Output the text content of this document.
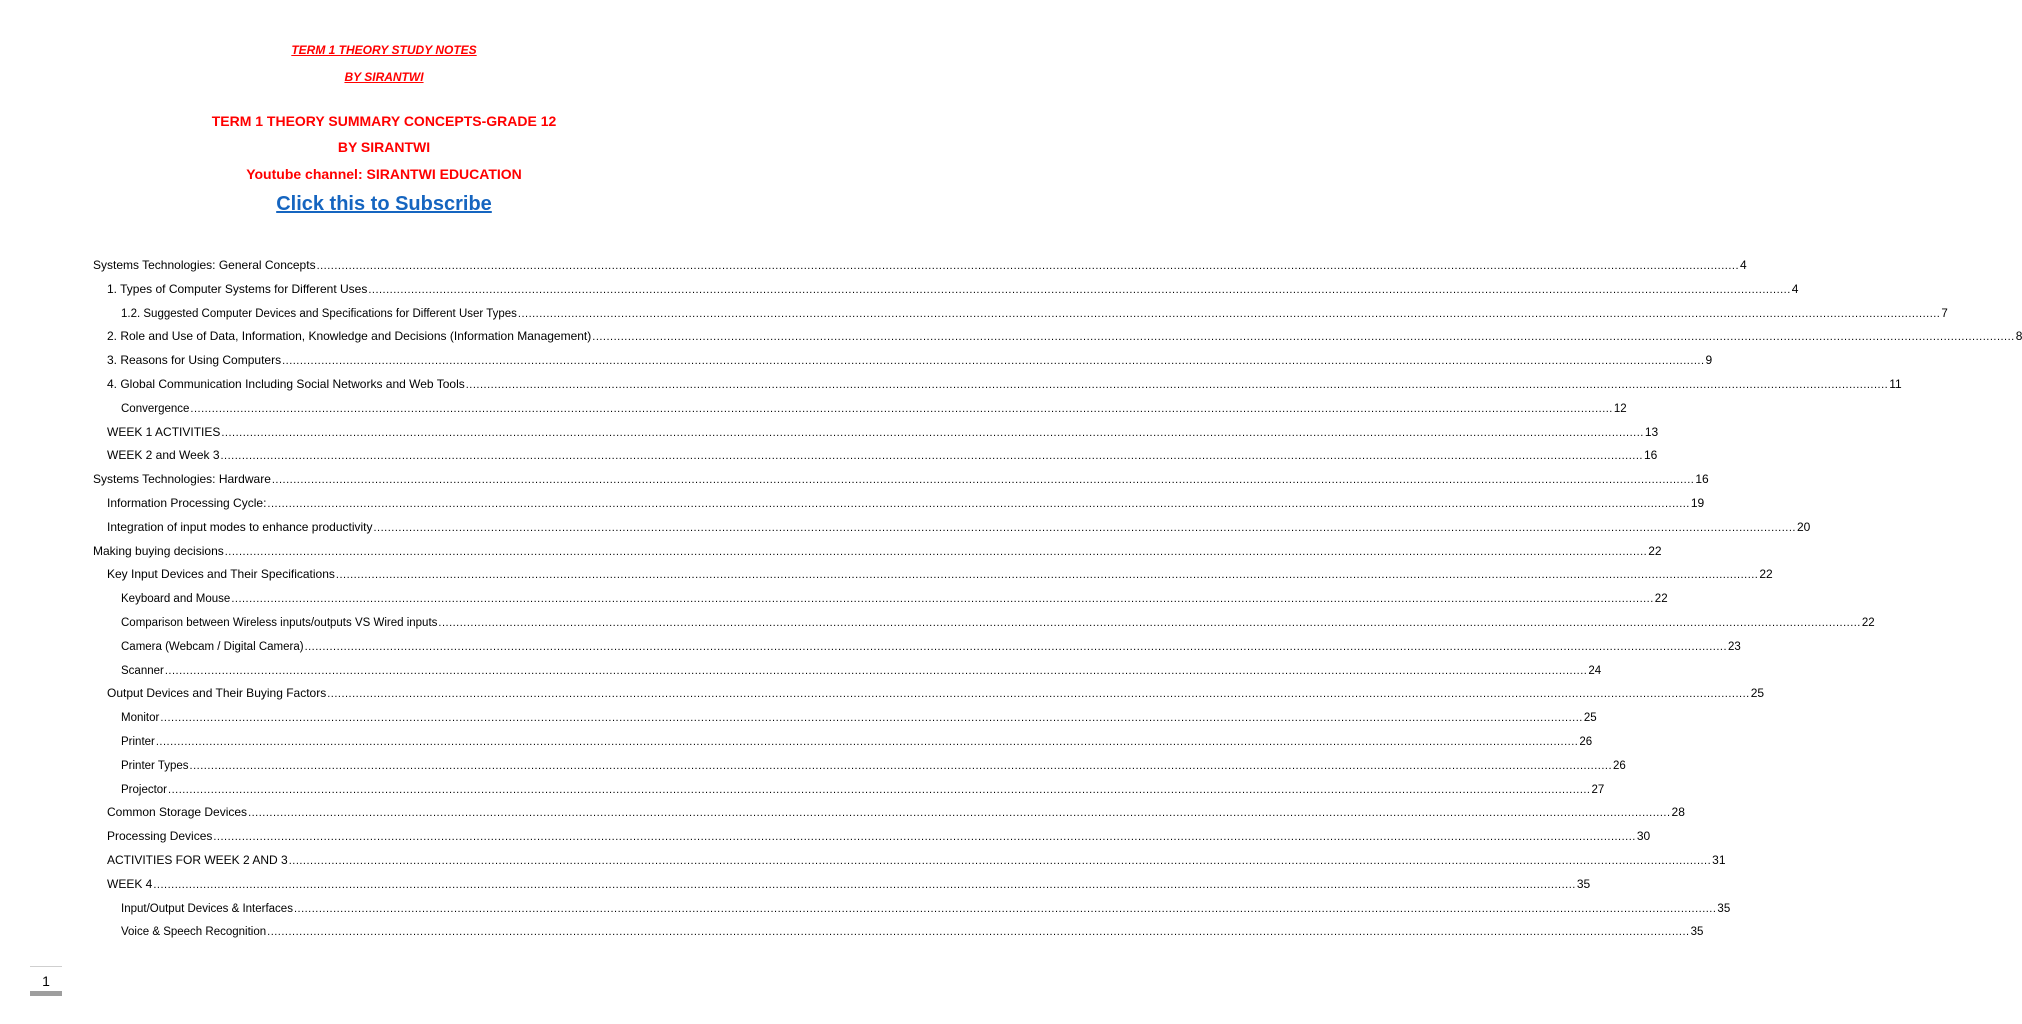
TERM 1 THEORY STUDY NOTES
BY SIRANTWI
TERM 1 THEORY SUMMARY CONCEPTS-GRADE 12
BY SIRANTWI
Youtube channel: SIRANTWI EDUCATION
Click this to Subscribe
Systems Technologies: General Concepts ................................................................................................................................................................................................................................................................................................................................................................................................................ 4
1. Types of Computer Systems for Different Uses ................................................................................................................................................................................................................................................................................................................................................................................................................ 4
1.2. Suggested Computer Devices and Specifications for Different User Types ................................................................................................................................................................................................................................................................................................................................................................................................................ 7
2. Role and Use of Data, Information, Knowledge and Decisions (Information Management) ................................................................................................................................................................................................................................................................................................................................................................................................................ 8
3. Reasons for Using Computers ................................................................................................................................................................................................................................................................................................................................................................................................................ 9
4. Global Communication Including Social Networks and Web Tools ................................................................................................................................................................................................................................................................................................................................................................................................................ 11
Convergence ................................................................................................................................................................................................................................................................................................................................................................................................................ 12
WEEK 1 ACTIVITIES ................................................................................................................................................................................................................................................................................................................................................................................................................ 13
WEEK 2 and Week 3 ................................................................................................................................................................................................................................................................................................................................................................................................................ 16
Systems Technologies: Hardware ................................................................................................................................................................................................................................................................................................................................................................................................................ 16
Information Processing Cycle: ................................................................................................................................................................................................................................................................................................................................................................................................................ 19
Integration of input modes to enhance productivity ................................................................................................................................................................................................................................................................................................................................................................................................................ 20
Making buying decisions ................................................................................................................................................................................................................................................................................................................................................................................................................ 22
Key Input Devices and Their Specifications ................................................................................................................................................................................................................................................................................................................................................................................................................ 22
Keyboard and Mouse ................................................................................................................................................................................................................................................................................................................................................................................................................ 22
Comparison between Wireless inputs/outputs VS Wired inputs ................................................................................................................................................................................................................................................................................................................................................................................................................ 22
Camera (Webcam / Digital Camera) ................................................................................................................................................................................................................................................................................................................................................................................................................ 23
Scanner ................................................................................................................................................................................................................................................................................................................................................................................................................ 24
Output Devices and Their Buying Factors ................................................................................................................................................................................................................................................................................................................................................................................................................ 25
Monitor ................................................................................................................................................................................................................................................................................................................................................................................................................ 25
Printer ................................................................................................................................................................................................................................................................................................................................................................................................................ 26
Printer Types ................................................................................................................................................................................................................................................................................................................................................................................................................ 26
Projector ................................................................................................................................................................................................................................................................................................................................................................................................................ 27
Common Storage Devices ................................................................................................................................................................................................................................................................................................................................................................................................................ 28
Processing Devices ................................................................................................................................................................................................................................................................................................................................................................................................................ 30
ACTIVITIES FOR WEEK 2 AND 3 ................................................................................................................................................................................................................................................................................................................................................................................................................ 31
WEEK 4 ................................................................................................................................................................................................................................................................................................................................................................................................................ 35
Input/Output Devices & Interfaces ................................................................................................................................................................................................................................................................................................................................................................................................................ 35
Voice & Speech Recognition ................................................................................................................................................................................................................................................................................................................................................................................................................ 35
1
